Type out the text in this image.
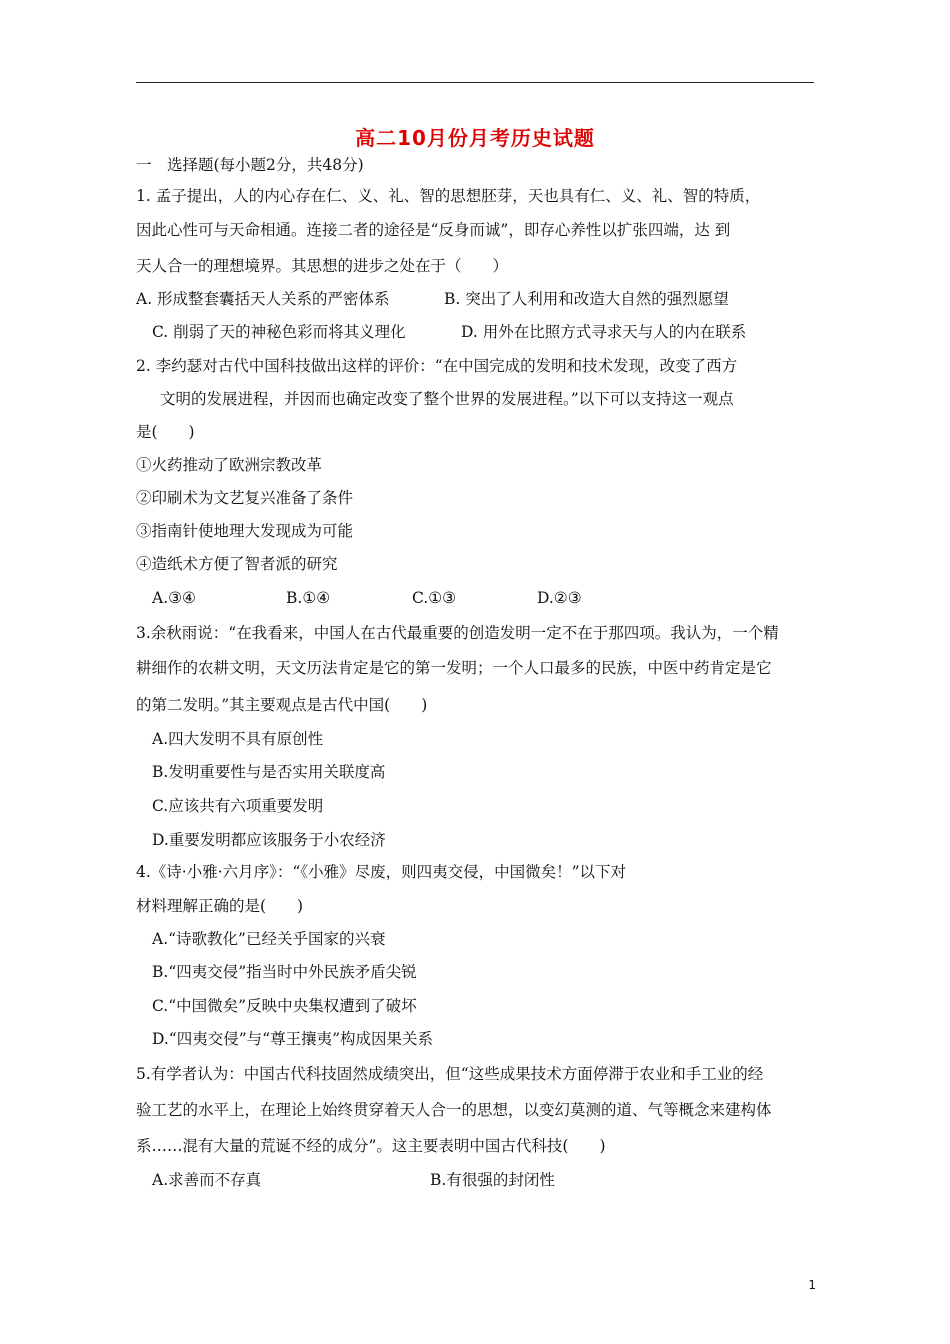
高二10月份月考历史试题
一　选择题(每小题2分，共48分)
1. 孟子提出，人的内心存在仁、义、礼、智的思想胚芽，天也具有仁、义、礼、智的特质，
因此心性可与天命相通。连接二者的途径是“反身而诚”，即存心养性以扩张四端，达 到
天人合一的理想境界。其思想的进步之处在于（　　）
A. 形成整套囊括天人关系的严密体系	B. 突出了人利用和改造大自然的强烈愿望
C. 削弱了天的神秘色彩而将其义理化	D. 用外在比照方式寻求天与人的内在联系
2. 李约瑟对古代中国科技做出这样的评价：“在中国完成的发明和技术发现，改变了西方
文明的发展进程，并因而也确定改变了整个世界的发展进程。”以下可以支持这一观点
是(　　)
①火药推动了欧洲宗教改革
②印刷术为文艺复兴准备了条件
③指南针使地理大发现成为可能
④造纸术方便了智者派的研究
A.③④	B.①④	C.①③	D.②③
3.余秋雨说：“在我看来，中国人在古代最重要的创造发明一定不在于那四项。我认为，一个精
耕细作的农耕文明，天文历法肯定是它的第一发明；一个人口最多的民族，中医中药肯定是它
的第二发明。”其主要观点是古代中国(　　)
A.四大发明不具有原创性
B.发明重要性与是否实用关联度高
C.应该共有六项重要发明
D.重要发明都应该服务于小农经济
4.《诗·小雅·六月序》：“《小雅》尽废，则四夷交侵，中国微矣！”以下对
材料理解正确的是(　　)
A.“诗歌教化”已经关乎国家的兴衰
B.“四夷交侵”指当时中外民族矛盾尖锐
C.“中国微矣”反映中央集权遭到了破坏
D.“四夷交侵”与“尊王攘夷”构成因果关系
5.有学者认为：中国古代科技固然成绩突出，但“这些成果技术方面停滞于农业和手工业的经
验工艺的水平上，在理论上始终贯穿着天人合一的思想，以变幻莫测的道、气等概念来建构体
系……混有大量的荒诞不经的成分”。这主要表明中国古代科技(　　)
A.求善而不存真	B.有很强的封闭性
1
